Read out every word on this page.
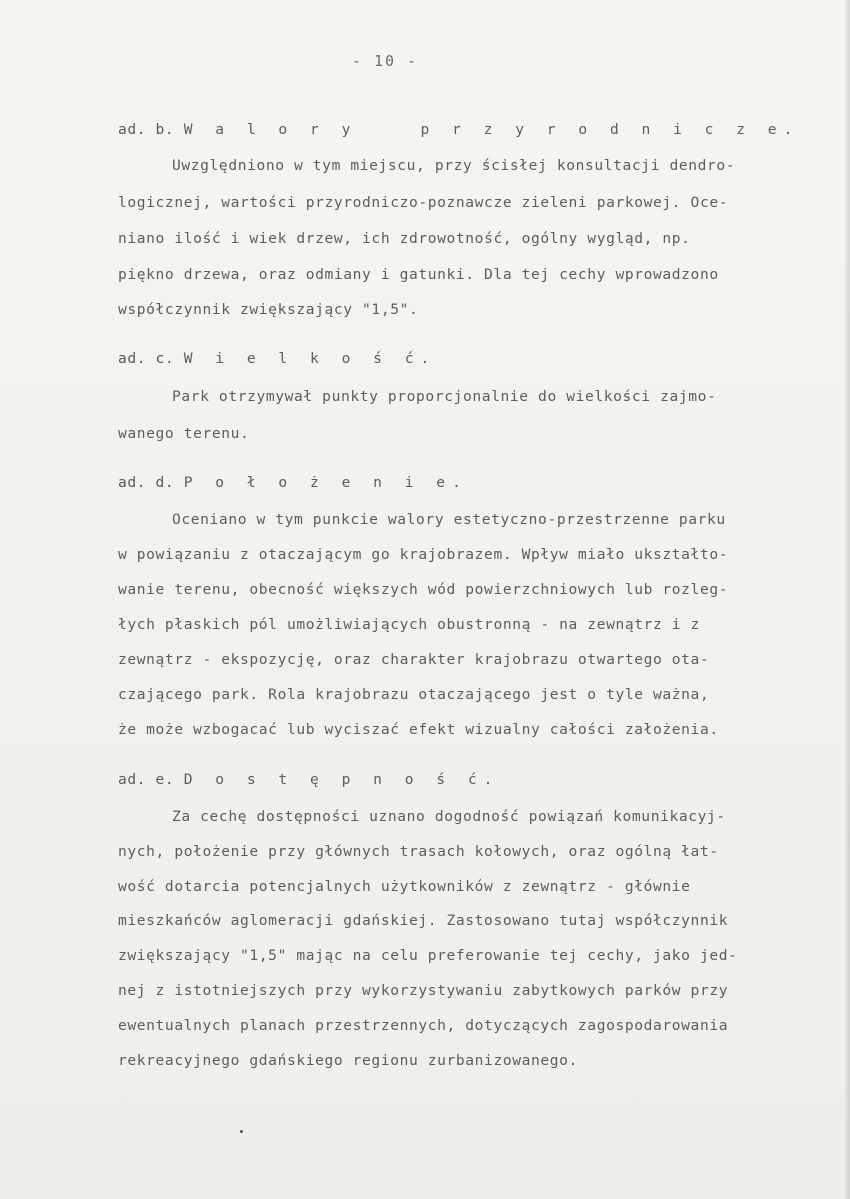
- 10 -
ad. b. W a l o r y    p r z y r o d n i c z e.
Uwzględniono w tym miejscu, przy ścisłej konsultacji dendro-
logicznej, wartości przyrodniczo-poznawcze zieleni parkowej. Oce-
niano ilość i wiek drzew, ich zdrowotność, ogólny wygląd, np.
piękno drzewa, oraz odmiany i gatunki. Dla tej cechy wprowadzono
współczynnik zwiększający "1,5".
ad. c. W i e l k o ś ć.
Park otrzymywał punkty proporcjonalnie do wielkości zajmo-
wanego terenu.
ad. d. P o ł o ż e n i e.
Oceniano w tym punkcie walory estetyczno-przestrzenne parku
w powiązaniu z otaczającym go krajobrazem. Wpływ miało ukształto-
wanie terenu, obecność większych wód powierzchniowych lub rozleg-
łych płaskich pól umożliwiających obustronną - na zewnątrz i z
zewnątrz - ekspozycję, oraz charakter krajobrazu otwartego ota-
czającego park. Rola krajobrazu otaczającego jest o tyle ważna,
że może wzbogacać lub wyciszać efekt wizualny całości założenia.
ad. e. D o s t ę p n o ś ć.
Za cechę dostępności uznano dogodność powiązań komunikacyj-
nych, położenie przy głównych trasach kołowych, oraz ogólną łat-
wość dotarcia potencjalnych użytkowników z zewnątrz - głównie
mieszkańców aglomeracji gdańskiej. Zastosowano tutaj współczynnik
zwiększający "1,5" mając na celu preferowanie tej cechy, jako jed-
nej z istotniejszych przy wykorzystywaniu zabytkowych parków przy
ewentualnych planach przestrzennych, dotyczących zagospodarowania
rekreacyjnego gdańskiego regionu zurbanizowanego.
